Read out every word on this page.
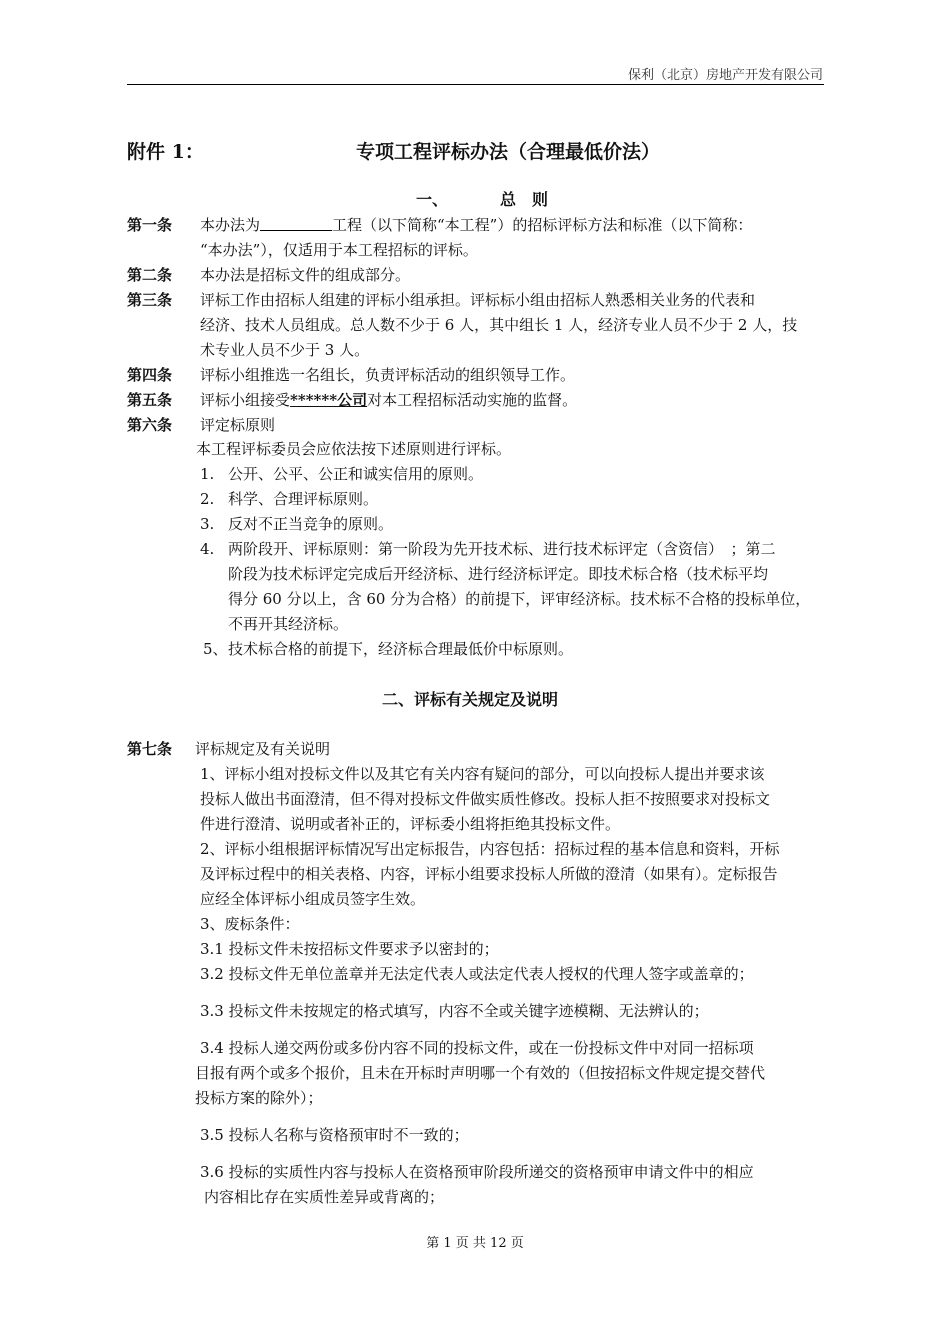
保利（北京）房地产开发有限公司
附件 1：	专项工程评标办法（合理最低价法）
一、	总　则
第一条 本办法为	工程（以下简称“本工程”）的招标评标方法和标准（以下简称：
“本办法”），仅适用于本工程招标的评标。
第二条 本办法是招标文件的组成部分。
第三条 评标工作由招标人组建的评标小组承担。评标标小组由招标人熟悉相关业务的代表和
经济、技术人员组成。总人数不少于 6 人，其中组长 1 人，经济专业人员不少于 2 人，技
术专业人员不少于 3 人。
第四条 评标小组推选一名组长，负责评标活动的组织领导工作。
第五条 评标小组接受******公司对本工程招标活动实施的监督。
第六条 评定标原则
本工程评标委员会应依法按下述原则进行评标。
1. 公开、公平、公正和诚实信用的原则。
2. 科学、合理评标原则。
3. 反对不正当竞争的原则。
4. 两阶段开、评标原则：第一阶段为先开技术标、进行技术标评定（含资信）　；第二
阶段为技术标评定完成后开经济标、进行经济标评定。即技术标合格（技术标平均
得分 60 分以上，含 60 分为合格）的前提下，评审经济标。技术标不合格的投标单位，
不再开其经济标。
5、 技术标合格的前提下，经济标合理最低价中标原则。
二、评标有关规定及说明
第七条 评标规定及有关说明
1、评标小组对投标文件以及其它有关内容有疑问的部分，可以向投标人提出并要求该
投标人做出书面澄清，但不得对投标文件做实质性修改。投标人拒不按照要求对投标文
件进行澄清、说明或者补正的，评标委小组将拒绝其投标文件。
2、评标小组根据评标情况写出定标报告，内容包括：招标过程的基本信息和资料，开标
及评标过程中的相关表格、内容，评标小组要求投标人所做的澄清（如果有）。定标报告
应经全体评标小组成员签字生效。
3、废标条件：
3.1 投标文件未按招标文件要求予以密封的；
3.2 投标文件无单位盖章并无法定代表人或法定代表人授权的代理人签字或盖章的；
3.3 投标文件未按规定的格式填写，内容不全或关键字迹模糊、无法辨认的；
3.4 投标人递交两份或多份内容不同的投标文件，或在一份投标文件中对同一招标项
目报有两个或多个报价，且未在开标时声明哪一个有效的（但按招标文件规定提交替代
投标方案的除外）；
3.5 投标人名称与资格预审时不一致的；
3.6 投标的实质性内容与投标人在资格预审阶段所递交的资格预审申请文件中的相应
内容相比存在实质性差异或背离的；
第 1 页 共 12 页
